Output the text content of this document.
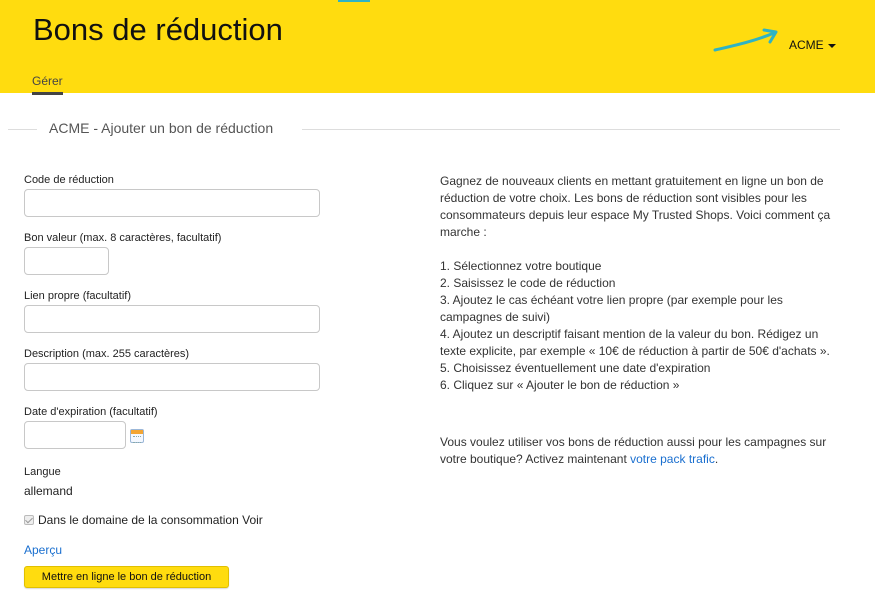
Bons de réduction
Gérer
ACME
ACME - Ajouter un bon de réduction
Code de réduction
Bon valeur (max. 8 caractères, facultatif)
Lien propre (facultatif)
Description (max. 255 caractères)
Date d'expiration (facultatif)
Langue
allemand
Dans le domaine de la consommation Voir
Aperçu
Mettre en ligne le bon de réduction

Gagnez de nouveaux clients en mettant gratuitement en ligne un bon de réduction de votre choix. Les bons de réduction sont visibles pour les consommateurs depuis leur espace My Trusted Shops. Voici comment ça marche :

1. Sélectionnez votre boutique

2. Saisissez le code de réduction

3. Ajoutez le cas échéant votre lien propre (par exemple pour les campagnes de suivi)

4. Ajoutez un descriptif faisant mention de la valeur du bon. Rédigez un texte explicite, par exemple « 10€ de réduction à partir de 50€ d'achats ».

5. Choisissez éventuellement une date d'expiration

6. Cliquez sur « Ajouter le bon de réduction »

Vous voulez utiliser vos bons de réduction aussi pour les campagnes sur votre boutique? Activez maintenant votre pack trafic.
